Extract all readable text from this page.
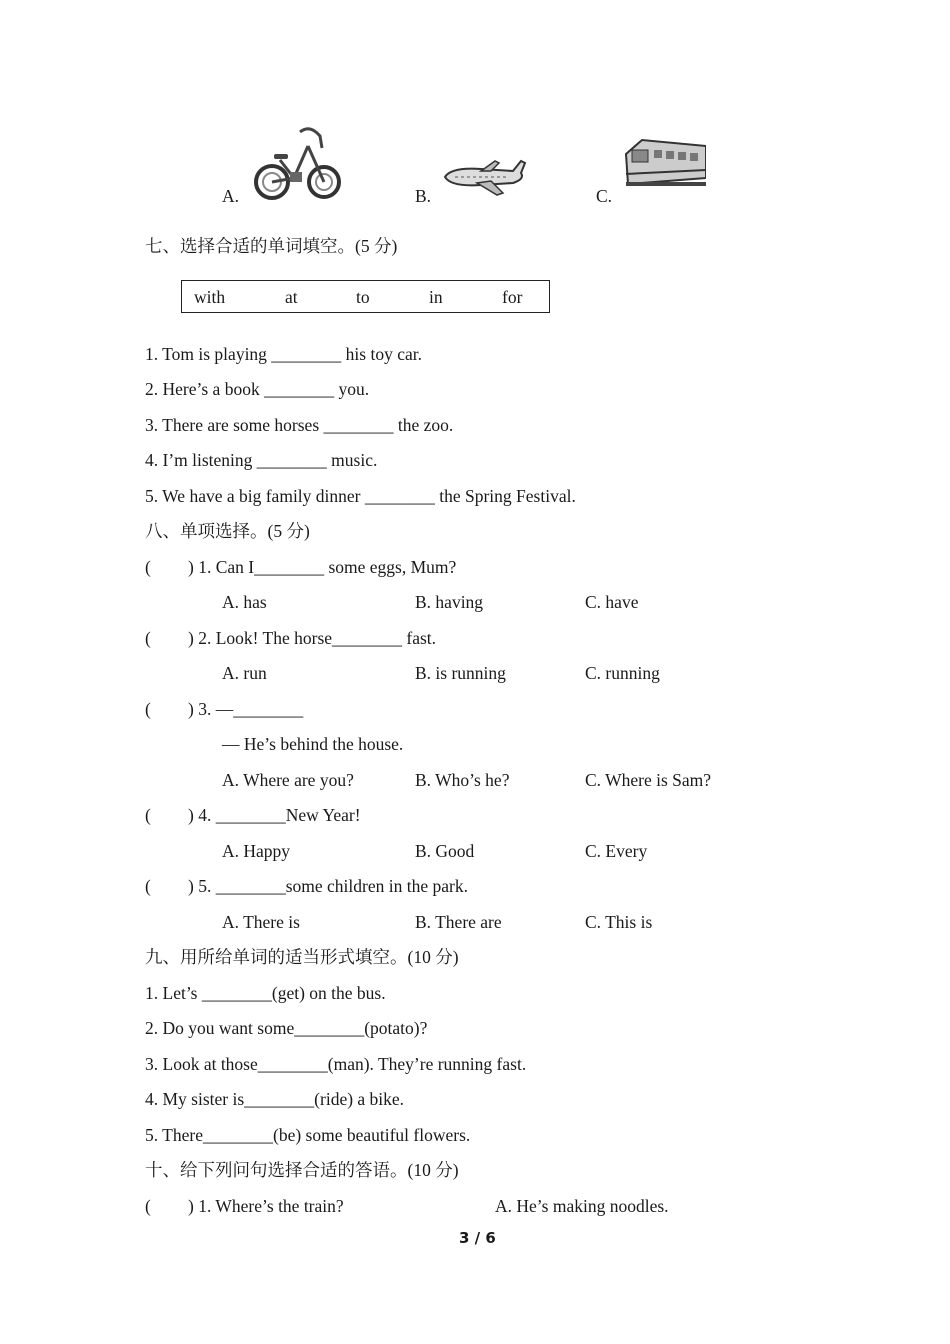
A.	B.	C.
七、选择合适的单词填空。(5 分)
with	at	to	in	for
1. Tom is playing ________ his toy car.
2. Here’s a book ________ you.
3. There are some horses ________ the zoo.
4. I’m listening ________ music.
5. We have a big family dinner ________ the Spring Festival.
八、单项选择。(5 分)
( ) 1. Can I________ some eggs, Mum?
A. has	B. having	C. have
( ) 2. Look! The horse________ fast.
A. run	B. is running	C. running
( ) 3. —________
— He’s behind the house.
A. Where are you?	B. Who’s he?	C. Where is Sam?
( ) 4. ________New Year!
A. Happy	B. Good	C. Every
( ) 5. ________some children in the park.
A. There is	B. There are	C. This is
九、用所给单词的适当形式填空。(10 分)
1. Let’s ________(get) on the bus.
2. Do you want some________(potato)?
3. Look at those________(man). They’re running fast.
4. My sister is________(ride) a bike.
5. There________(be) some beautiful flowers.
十、给下列问句选择合适的答语。(10 分)
( ) 1. Where’s the train?	A. He’s making noodles.
3 / 6
